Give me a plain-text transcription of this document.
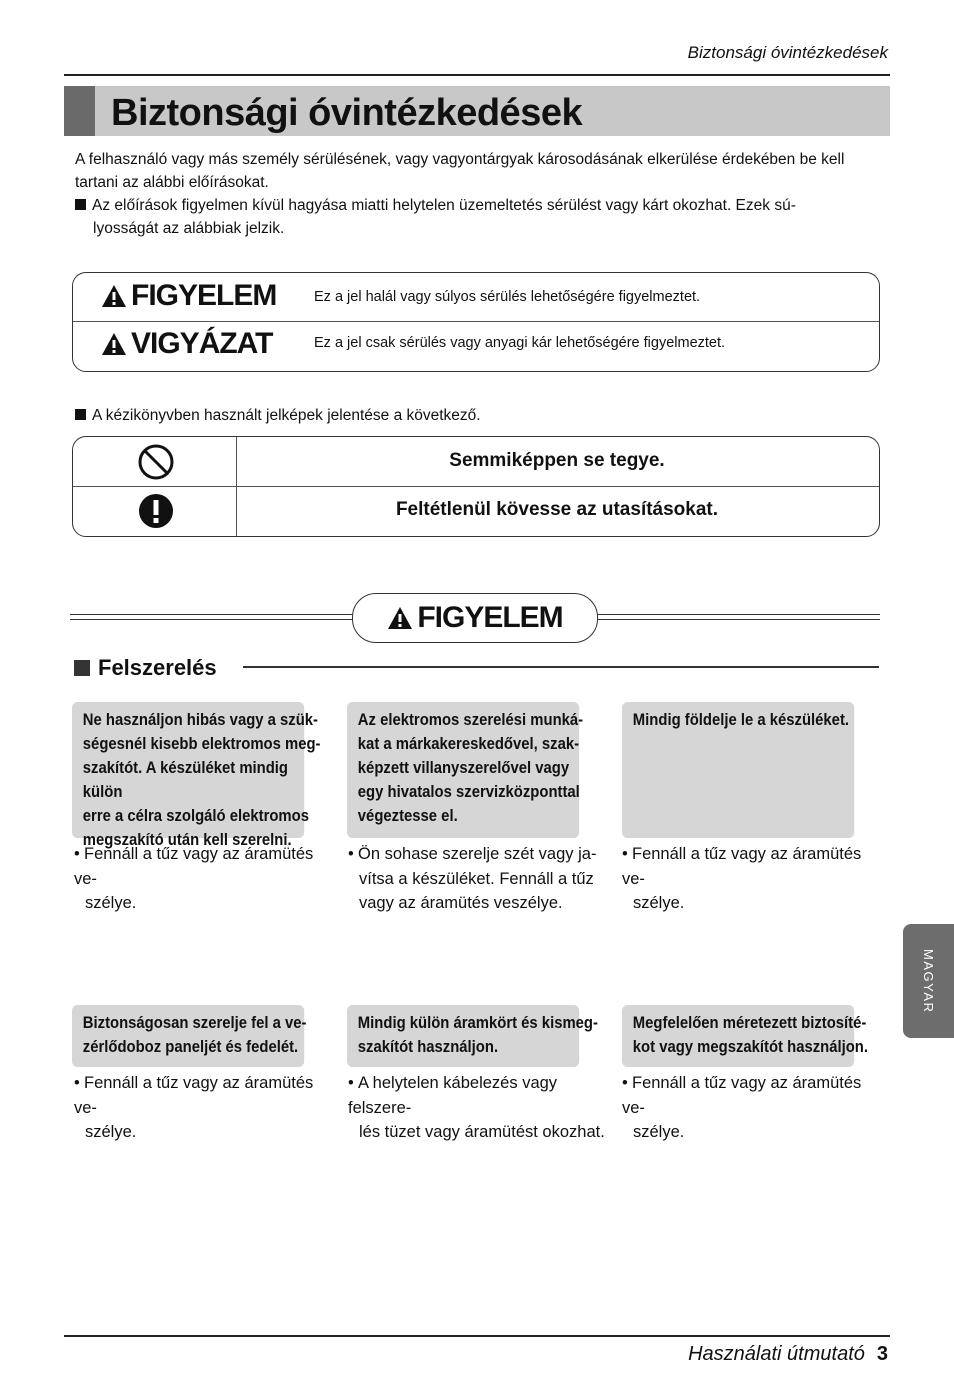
Biztonsági óvintézkedések
Biztonsági óvintézkedések
A felhasználó vagy más személy sérülésének, vagy vagyontárgyak károsodásának elkerülése érdekében be kell tartani az alábbi előírásokat.
Az előírások figyelmen kívül hagyása miatti helytelen üzemeltetés sérülést vagy kárt okozhat. Ezek sú-
lyosságát az alábbiak jelzik.
FIGYELEM	Ez a jel halál vagy súlyos sérülés lehetőségére figyelmeztet.
VIGYÁZAT	Ez a jel csak sérülés vagy anyagi kár lehetőségére figyelmeztet.
A kézikönyvben használt jelképek jelentése a következő.
Semmiképpen se tegye.
Feltétlenül kövesse az utasításokat.
FIGYELEM
Felszerelés
Ne használjon hibás vagy a szük-
ségesnél kisebb elektromos meg-
szakítót. A készüléket mindig külön
erre a célra szolgáló elektromos
megszakító után kell szerelni.
Az elektromos szerelési munká-
kat a márkakereskedővel, szak-
képzett villanyszerelővel vagy
egy hivatalos szervizközponttal
végeztesse el.
Mindig földelje le a készüléket.
• Fennáll a tűz vagy az áramütés ve-
szélye.
• Ön sohase szerelje szét vagy ja-
vítsa a készüléket. Fennáll a tűz
vagy az áramütés veszélye.
• Fennáll a tűz vagy az áramütés ve-
szélye.
Biztonságosan szerelje fel a ve-
zérlődoboz paneljét és fedelét.
Mindig külön áramkört és kismeg-
szakítót használjon.
Megfelelően méretezett biztosíté-
kot vagy megszakítót használjon.
• Fennáll a tűz vagy az áramütés ve-
szélye.
• A helytelen kábelezés vagy felszere-
lés tüzet vagy áramütést okozhat.
• Fennáll a tűz vagy az áramütés ve-
szélye.
MAGYAR
Használati útmutató 3
